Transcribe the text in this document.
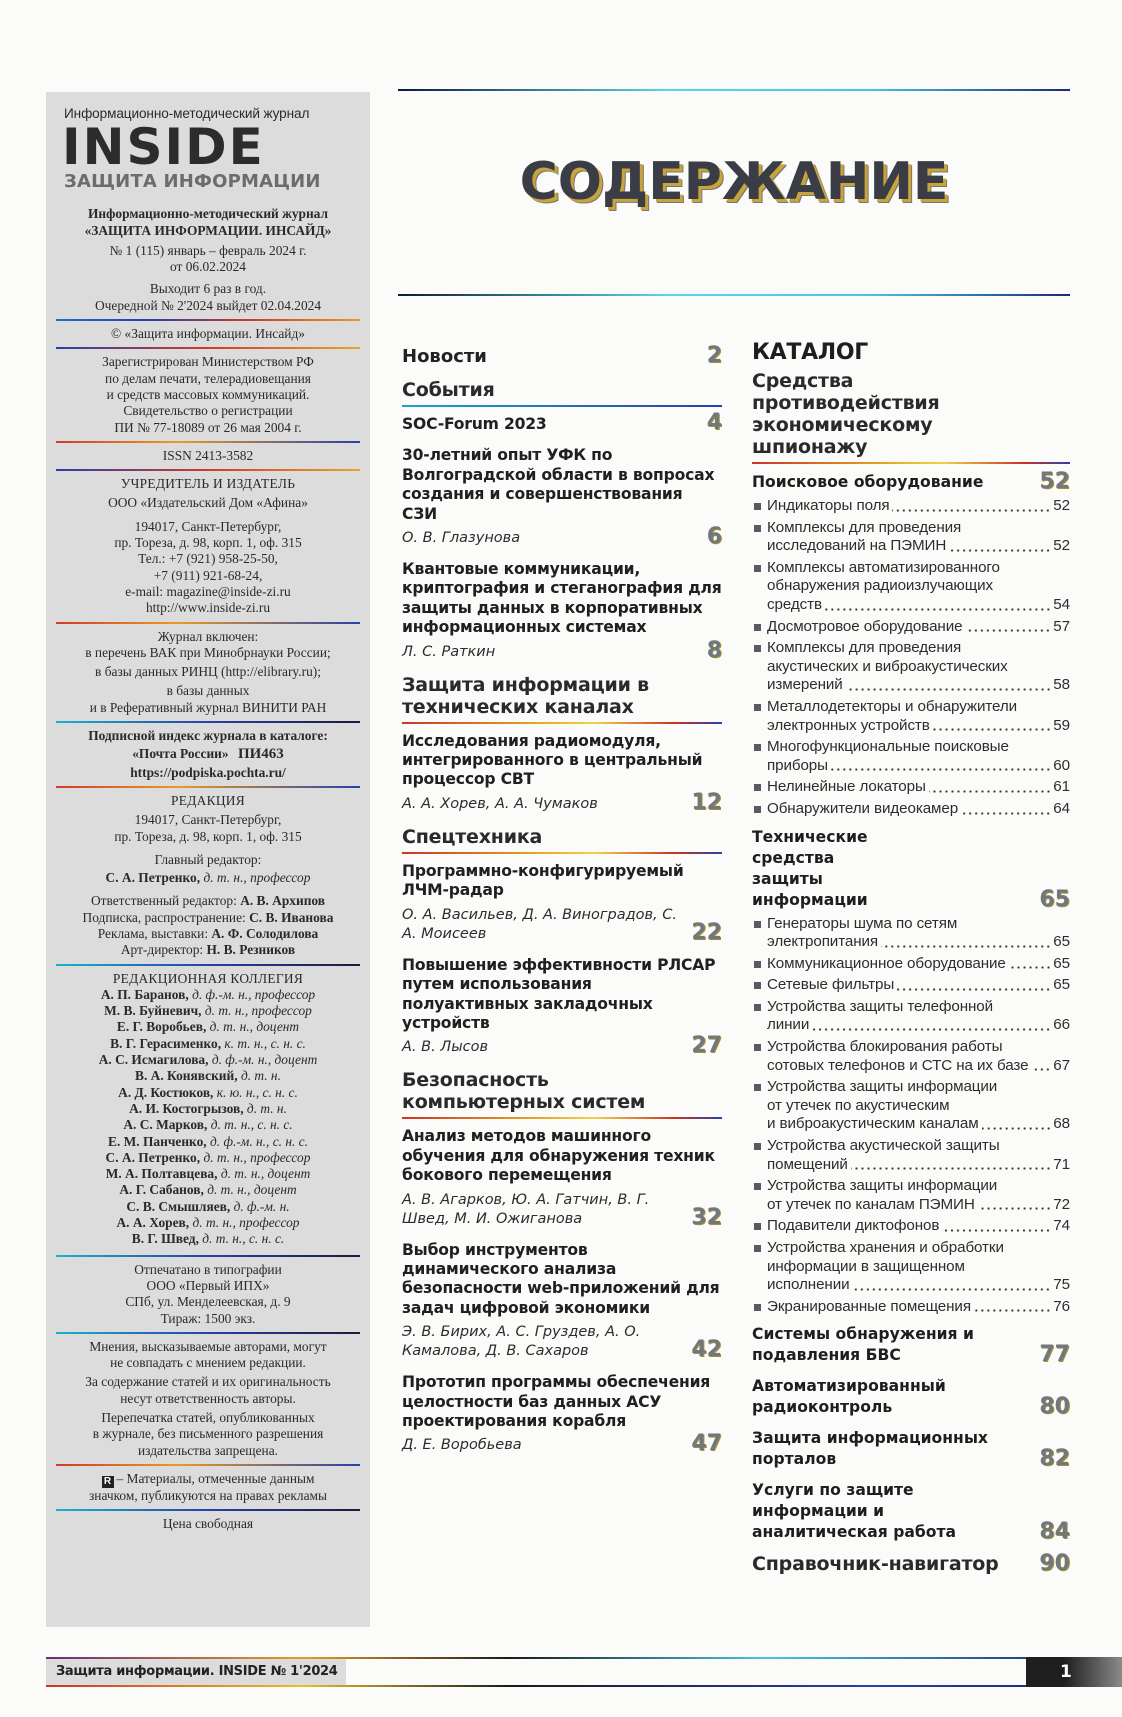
Информационно-методический журнал
INSIDE
ЗАЩИТА ИНФОРМАЦИИ
Информационно-методический журнал
«ЗАЩИТА ИНФОРМАЦИИ. ИНСАЙД»
№ 1 (115) январь – февраль 2024 г.
от 06.02.2024
Выходит 6 раз в год.
Очередной № 2'2024 выйдет 02.04.2024
© «Защита информации. Инсайд»
Зарегистрирован Министерством РФ
по делам печати, телерадиовещания
и средств массовых коммуникаций.
Свидетельство о регистрации
ПИ № 77-18089 от 26 мая 2004 г.
ISSN 2413-3582
УЧРЕДИТЕЛЬ И ИЗДАТЕЛЬ
ООО «Издательский Дом «Афина»
194017, Санкт-Петербург,
пр. Тореза, д. 98, корп. 1, оф. 315
Тел.: +7 (921) 958-25-50,
+7 (911) 921-68-24,
e-mail: magazine@inside-zi.ru
http://www.inside-zi.ru
Журнал включен:
в перечень ВАК при Минобрнауки России;
в базы данных РИНЦ (http://elibrary.ru);
в базы данных
и в Реферативный журнал ВИНИТИ РАН
Подписной индекс журнала в каталоге:
«Почта России» ПИ463
https://podpiska.pochta.ru/
РЕДАКЦИЯ
194017, Санкт-Петербург,
пр. Тореза, д. 98, корп. 1, оф. 315
Главный редактор:
С. А. Петренко, д. т. н., профессор
Ответственный редактор: А. В. Архипов
Подписка, распространение: С. В. Иванова
Реклама, выставки: А. Ф. Солодилова
Арт-директор: Н. В. Резников
РЕДАКЦИОННАЯ КОЛЛЕГИЯ
А. П. Баранов, д. ф.-м. н., профессор
М. В. Буйневич, д. т. н., профессор
Е. Г. Воробьев, д. т. н., доцент
В. Г. Герасименко, к. т. н., с. н. с.
А. С. Исмагилова, д. ф.-м. н., доцент
В. А. Конявский, д. т. н.
А. Д. Костюков, к. ю. н., с. н. с.
А. И. Костогрызов, д. т. н.
А. С. Марков, д. т. н., с. н. с.
Е. М. Панченко, д. ф.-м. н., с. н. с.
С. А. Петренко, д. т. н., профессор
М. А. Полтавцева, д. т. н., доцент
А. Г. Сабанов, д. т. н., доцент
С. В. Смышляев, д. ф.-м. н.
А. А. Хорев, д. т. н., профессор
В. Г. Швед, д. т. н., с. н. с.
Отпечатано в типографии
ООО «Первый ИПХ»
СПб, ул. Менделеевская, д. 9
Тираж: 1500 экз.
Мнения, высказываемые авторами, могут
не совпадать с мнением редакции.
За содержание статей и их оригинальность
несут ответственность авторы.
Перепечатка статей, опубликованных
в журнале, без письменного разрешения
издательства запрещена.
R – Материалы, отмеченные данным
значком, публикуются на правах рекламы
Цена свободная
СОДЕРЖАНИЕ
Новости	2
События
SOC-Forum 2023	4
30-летний опыт УФК по Волгоградской области в вопросах создания и совершенствования СЗИ
О. В. Глазунова	6
Квантовые коммуникации, криптография и стеганография для защиты данных в корпоративных информационных системах
Л. С. Раткин	8
Защита информации в технических каналах
Исследования радиомодуля, интегрированного в центральный процессор СВТ
А. А. Хорев, А. А. Чумаков	12
Спецтехника
Программно-конфигурируемый ЛЧМ-радар
О. А. Васильев, Д. А. Виноградов, С. А. Моисеев	22
Повышение эффективности РЛСАР путем использования полуактивных закладочных устройств
А. В. Лысов	27
Безопасность компьютерных систем
Анализ методов машинного обучения для обнаружения техник бокового перемещения
А. В. Агарков, Ю. А. Гатчин, В. Г. Швед, М. И. Ожиганова	32
Выбор инструментов динамического анализа безопасности web-приложений для задач цифровой экономики
Э. В. Бирих, А. С. Груздев, А. О. Камалова, Д. В. Сахаров	42
Прототип программы обеспечения целостности баз данных АСУ проектирования корабля
Д. Е. Воробьева	47
КАТАЛОГ
Средства противодействия экономическому шпионажу
Поисковое оборудование	52
Индикаторы поля	52
Комплексы для проведения
исследований на ПЭМИН	52
Комплексы автоматизированного
обнаружения радиоизлучающих
средств	54
Досмотровое оборудование	57
Комплексы для проведения
акустических и виброакустических
измерений	58
Металлодетекторы и обнаружители
электронных устройств	59
Многофункциональные поисковые
приборы	60
Нелинейные локаторы	61
Обнаружители видеокамер	64
Технические средства защиты информации	65
Генераторы шума по сетям
электропитания	65
Коммуникационное оборудование	65
Сетевые фильтры	65
Устройства защиты телефонной
линии	66
Устройства блокирования работы
сотовых телефонов и СТС на их базе 67
Устройства защиты информации
от утечек по акустическим
и виброакустическим каналам	68
Устройства акустической защиты
помещений	71
Устройства защиты информации
от утечек по каналам ПЭМИН	72
Подавители диктофонов	74
Устройства хранения и обработки
информации в защищенном
исполнении	75
Экранированные помещения	76
Системы обнаружения и подавления БВС	77
Автоматизированный радиоконтроль	80
Защита информационных порталов	82
Услуги по защите информации и аналитическая работа	84
Справочник-навигатор	90
Защита информации. INSIDE № 1'2024	1
